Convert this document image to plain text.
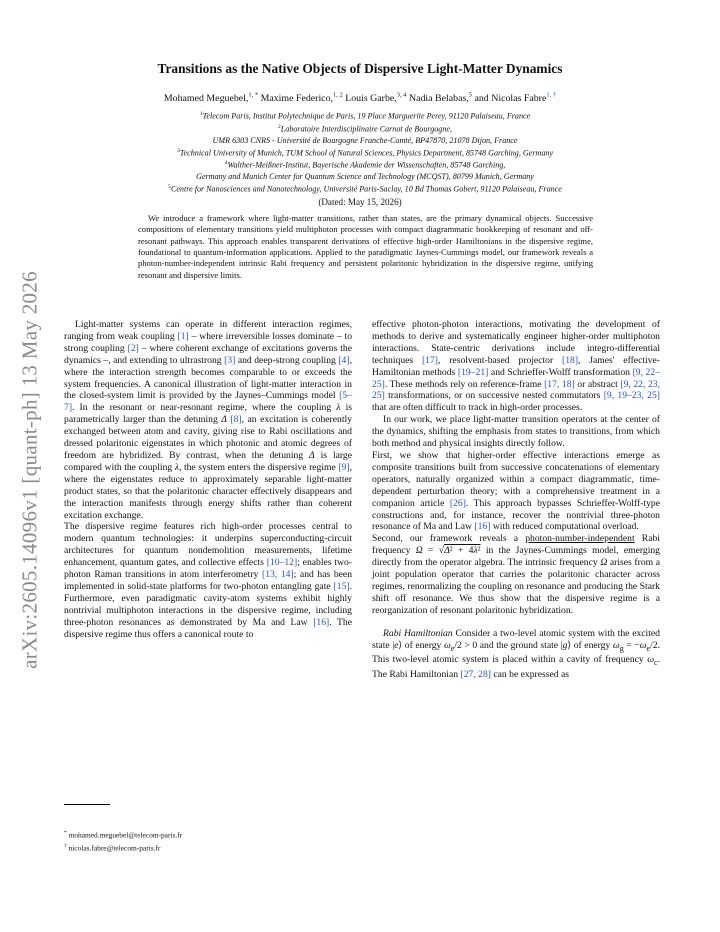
arXiv:2605.14096v1 [quant-ph] 13 May 2026
Transitions as the Native Objects of Dispersive Light-Matter Dynamics
Mohamed Meguebel,$^{1, *}$ Maxime Federico,$^{1, 2}$ Louis Garbe,$^{3, 4}$ Nadia Belabas,$^5$ and Nicolas Fabre$^{1, \dagger}$
$^1$Telecom Paris, Institut Polytechnique de Paris, 19 Place Marguerite Perey, 91120 Palaiseau, France
$^2$Laboratoire Interdisciplinaire Carnot de Bourgogne,
UMR 6303 CNRS - Université de Bourgogne Franche-Comté, BP47870, 21078 Dijon, France
$^3$Technical University of Munich, TUM School of Natural Sciences, Physics Department, 85748 Garching, Germany
$^4$Walther-Meißner-Institut, Bayerische Akademie der Wissenschaften, 85748 Garching,
Germany and Munich Center for Quantum Science and Technology (MCQST), 80799 Munich, Germany
$^5$Centre for Nanosciences and Nanotechnology, Université Paris-Saclay, 10 Bd Thomas Gobert, 91120 Palaiseau, France
(Dated: May 15, 2026)
We introduce a framework where light-matter transitions, rather than states, are the primary dynamical objects. Successive compositions of elementary transitions yield multiphoton processes with compact diagrammatic bookkeeping of resonant and off-resonant pathways. This approach enables transparent derivations of effective high-order Hamiltonians in the dispersive regime, foundational to quantum-information applications. Applied to the paradigmatic Jaynes-Cummings model, our framework reveals a photon-number-independent intrinsic Rabi frequency and persistent polaritonic hybridization in the dispersive regime, unifying resonant and dispersive limits.

Light-matter systems can operate in different interaction regimes, ranging from weak coupling [1] – where irreversible losses dominate – to strong coupling [2] – where coherent exchange of excitations governs the dynamics –, and extending to ultrastrong [3] and deep-strong coupling [4], where the interaction strength becomes comparable to or exceeds the system frequencies. A canonical illustration of light-matter interaction in the closed-system limit is provided by the Jaynes–Cummings model [5–7]. In the resonant or near-resonant regime, where the coupling λ is parametrically larger than the detuning Δ [8], an excitation is coherently exchanged between atom and cavity, giving rise to Rabi oscillations and dressed polaritonic eigenstates in which photonic and atomic degrees of freedom are hybridized. By contrast, when the detuning Δ is large compared with the coupling λ, the system enters the dispersive regime [9], where the eigenstates reduce to approximately separable light-matter product states, so that the polaritonic character effectively disappears and the interaction manifests through energy shifts rather than coherent excitation exchange.

The dispersive regime features rich high-order processes central to modern quantum technologies: it underpins superconducting-circuit architectures for quantum nondemolition measurements, lifetime enhancement, quantum gates, and collective effects [10–12]; enables two-photon Raman transitions in atom interferometry [13, 14]; and has been implemented in solid-state platforms for two-photon entangling gate [15]. Furthermore, even paradigmatic cavity-atom systems exhibit highly nontrivial multiphoton interactions in the dispersive regime, including three-photon resonances as demonstrated by Ma and Law [16]. The dispersive regime thus offers a canonical route to

effective photon-photon interactions, motivating the development of methods to derive and systematically engineer higher-order multiphoton interactions. State-centric derivations include integro-differential techniques [17], resolvent-based projector [18], James' effective-Hamiltonian methods [19–21] and Schrieffer-Wolff transformation [9, 22–25]. These methods rely on reference-frame [17, 18] or abstract [9, 22, 23, 25] transformations, or on successive nested commutators [9, 19–23, 25] that are often difficult to track in high-order processes.

In our work, we place light-matter transition operators at the center of the dynamics, shifting the emphasis from states to transitions, from which both method and physical insights directly follow.

First, we show that higher-order effective interactions emerge as composite transitions built from successive concatenations of elementary operators, naturally organized within a compact diagrammatic, time-dependent perturbation theory; with a comprehensive treatment in a companion article [26]. This approach bypasses Schrieffer-Wolff-type constructions and, for instance, recover the nontrivial three-photon resonance of Ma and Law [16] with reduced computational overload.

Second, our framework reveals a photon-number-independent Rabi frequency Ω = √Δ² + 4λ² in the Jaynes-Cummings model, emerging directly from the operator algebra. The intrinsic frequency Ω arises from a joint population operator that carries the polaritonic character across regimes, renormalizing the coupling on resonance and producing the Stark shift off resonance. We thus show that the dispersive regime is a reorganization of resonant polaritonic hybridization.

Rabi Hamiltonian Consider a two-level atomic system with the excited state |e⟩ of energy $\omega_e/2 > 0$ and the ground state |g⟩ of energy $\omega_g = -\omega_e/2$. This two-level atomic system is placed within a cavity of frequency $\omega_c$. The Rabi Hamiltonian [27, 28] can be expressed as

* mohamed.meguebel@telecom-paris.fr
† nicolas.fabre@telecom-paris.fr
